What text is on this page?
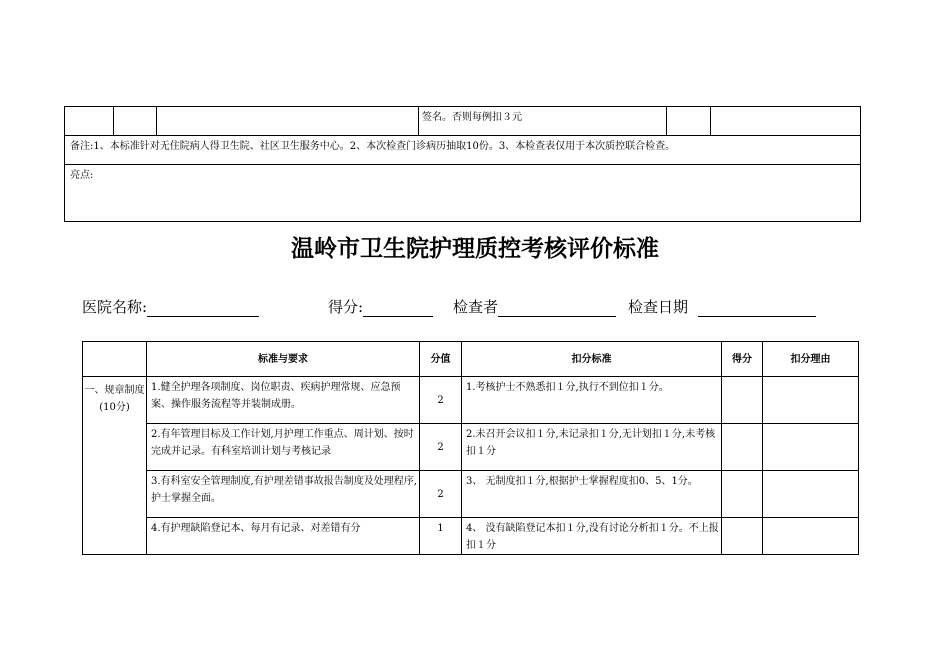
			签名。否则每例扣３元		
备注:1、本标准针对无住院病人得卫生院、社区卫生服务中心。2、本次检查门诊病历抽取10份。3、本检查表仅用于本次质控联合检查。
亮点:
温岭市卫生院护理质控考核评价标准
医院名称:	得分:	检查者	检查日期
	标准与要求	分值	扣分标准	得分	扣分理由
一、规章制度(10分)	1.健全护理各项制度、岗位职责、疾病护理常规、应急预案、操作服务流程等并装制成册。	2	1.考核护士不熟悉扣１分,执行不到位扣１分。		
	2.有年管理目标及工作计划,月护理工作重点、周计划、按时完成并记录。有科室培训计划与考核记录	2	2.未召开会议扣１分,未记录扣１分,无计划扣１分,未考核扣１分		
	3.有科室安全管理制度,有护理差错事故报告制度及处理程序,护士掌握全面。	2	3、 无制度扣１分,根据护士掌握程度扣0、5、1分。		
	4.有护理缺陷登记本、每月有记录、对差错有分	1	4、 没有缺陷登记本扣１分,没有讨论分析扣１分。不上报扣１分		
